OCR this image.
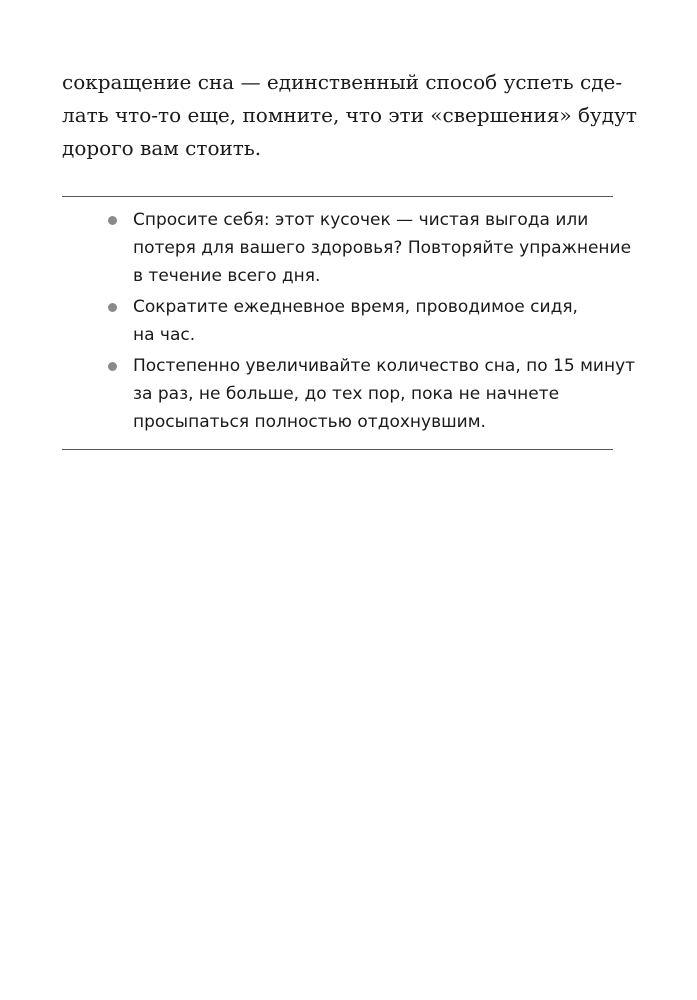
сокращение сна — единственный способ успеть сде-
лать что-то еще, помните, что эти «свершения» будут
дорого вам стоить.

Спросите себя: этот кусочек — чистая выгода или
потеря для вашего здоровья? Повторяйте упражнение
в течение всего дня.
Сократите ежедневное время, проводимое сидя,
на час.
Постепенно увеличивайте количество сна, по 15 минут
за раз, не больше, до тех пор, пока не начнете
просыпаться полностью отдохнувшим.
